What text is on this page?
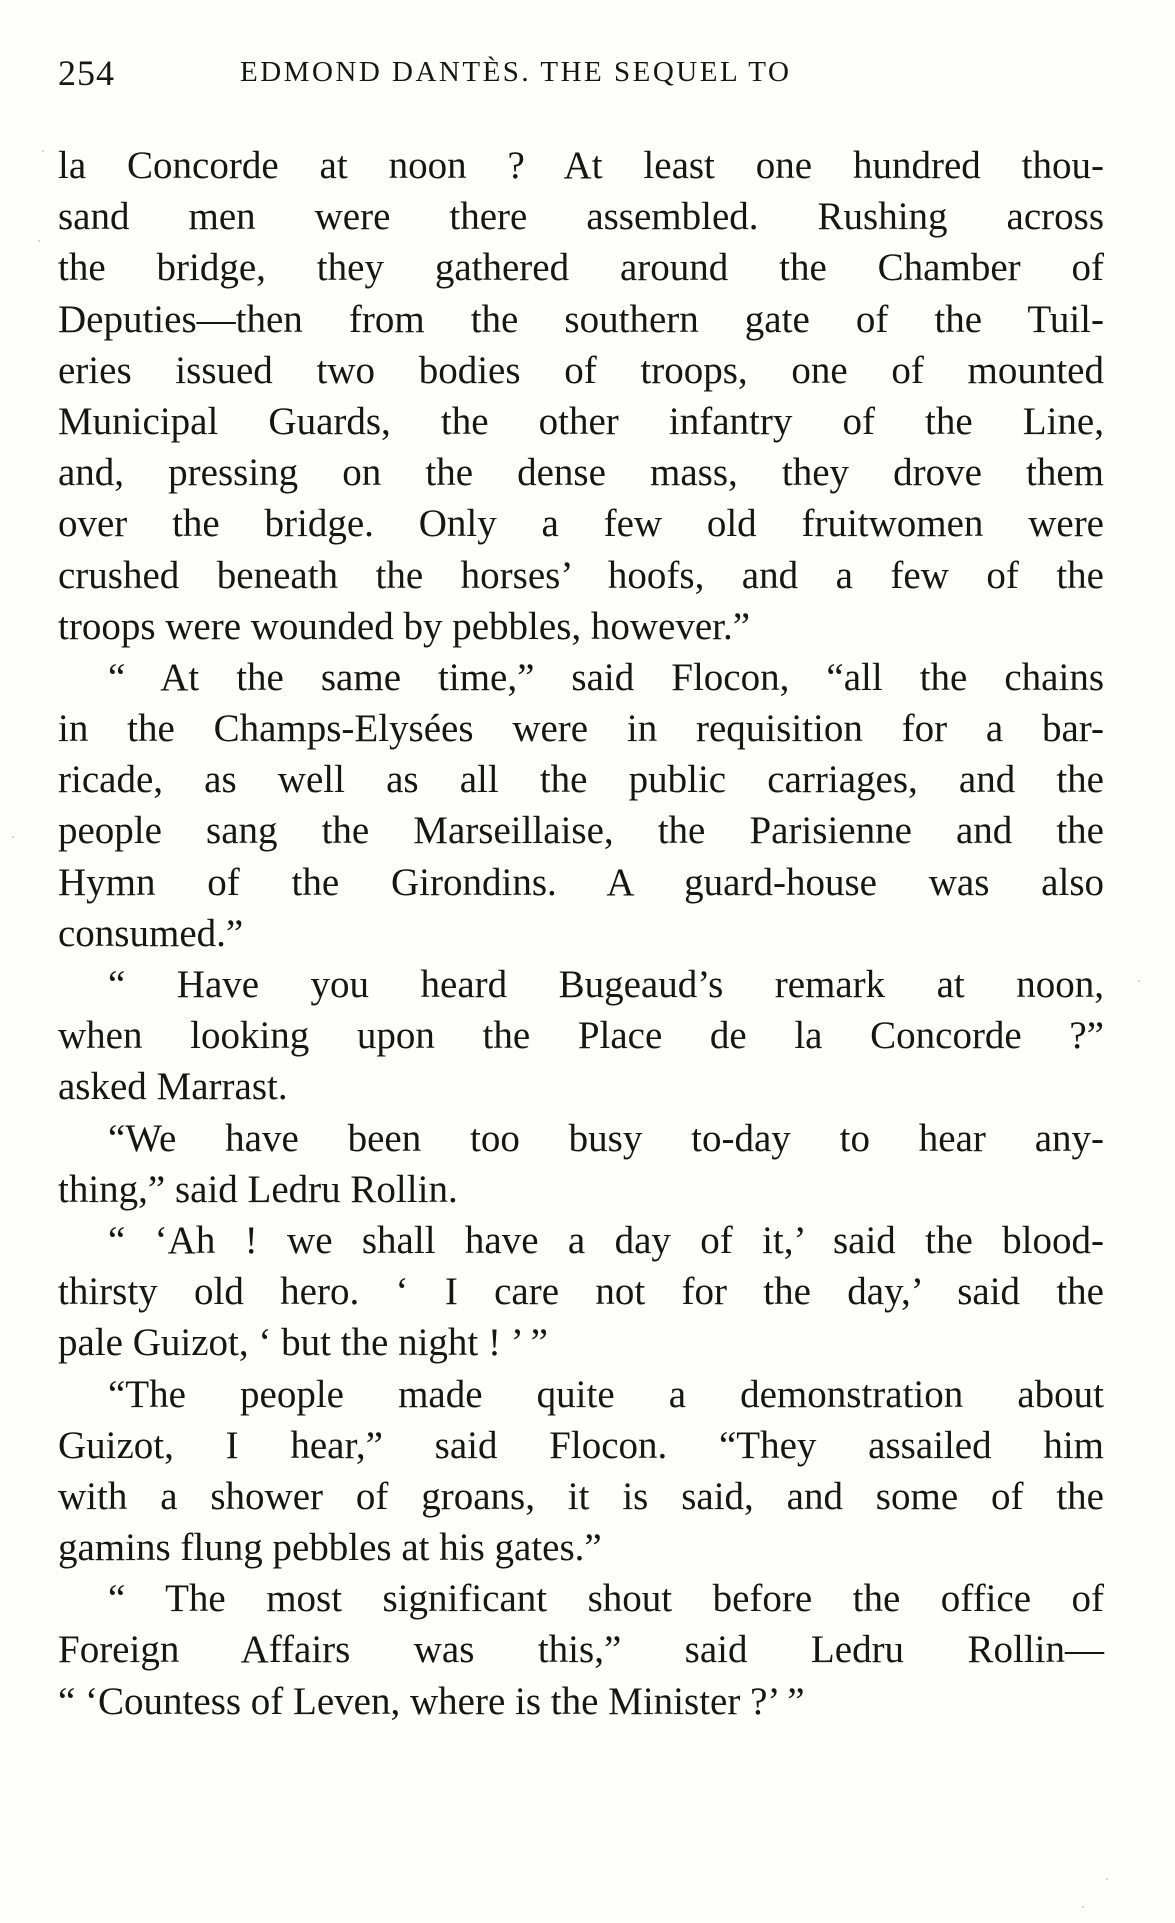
254	EDMOND DANTÈS. THE SEQUEL TO
la Concorde at noon ? At least one hundred thou-
sand men were there assembled. Rushing across
the bridge, they gathered around the Chamber of
Deputies—then from the southern gate of the Tuil-
eries issued two bodies of troops, one of mounted
Municipal Guards, the other infantry of the Line,
and, pressing on the dense mass, they drove them
over the bridge. Only a few old fruitwomen were
crushed beneath the horses’ hoofs, and a few of the
troops were wounded by pebbles, however.”
“ At the same time,” said Flocon, “all the chains
in the Champs-Elysées were in requisition for a bar-
ricade, as well as all the public carriages, and the
people sang the Marseillaise, the Parisienne and the
Hymn of the Girondins. A guard-house was also
consumed.”
“ Have you heard Bugeaud’s remark at noon,
when looking upon the Place de la Concorde ?”
asked Marrast.
“We have been too busy to-day to hear any-
thing,” said Ledru Rollin.
“ ‘Ah ! we shall have a day of it,’ said the blood-
thirsty old hero. ‘ I care not for the day,’ said the
pale Guizot, ‘ but the night ! ’ ”
“The people made quite a demonstration about
Guizot, I hear,” said Flocon. “They assailed him
with a shower of groans, it is said, and some of the
gamins flung pebbles at his gates.”
“ The most significant shout before the office of
Foreign Affairs was this,” said Ledru Rollin—
“ ‘Countess of Leven, where is the Minister ?’ ”
